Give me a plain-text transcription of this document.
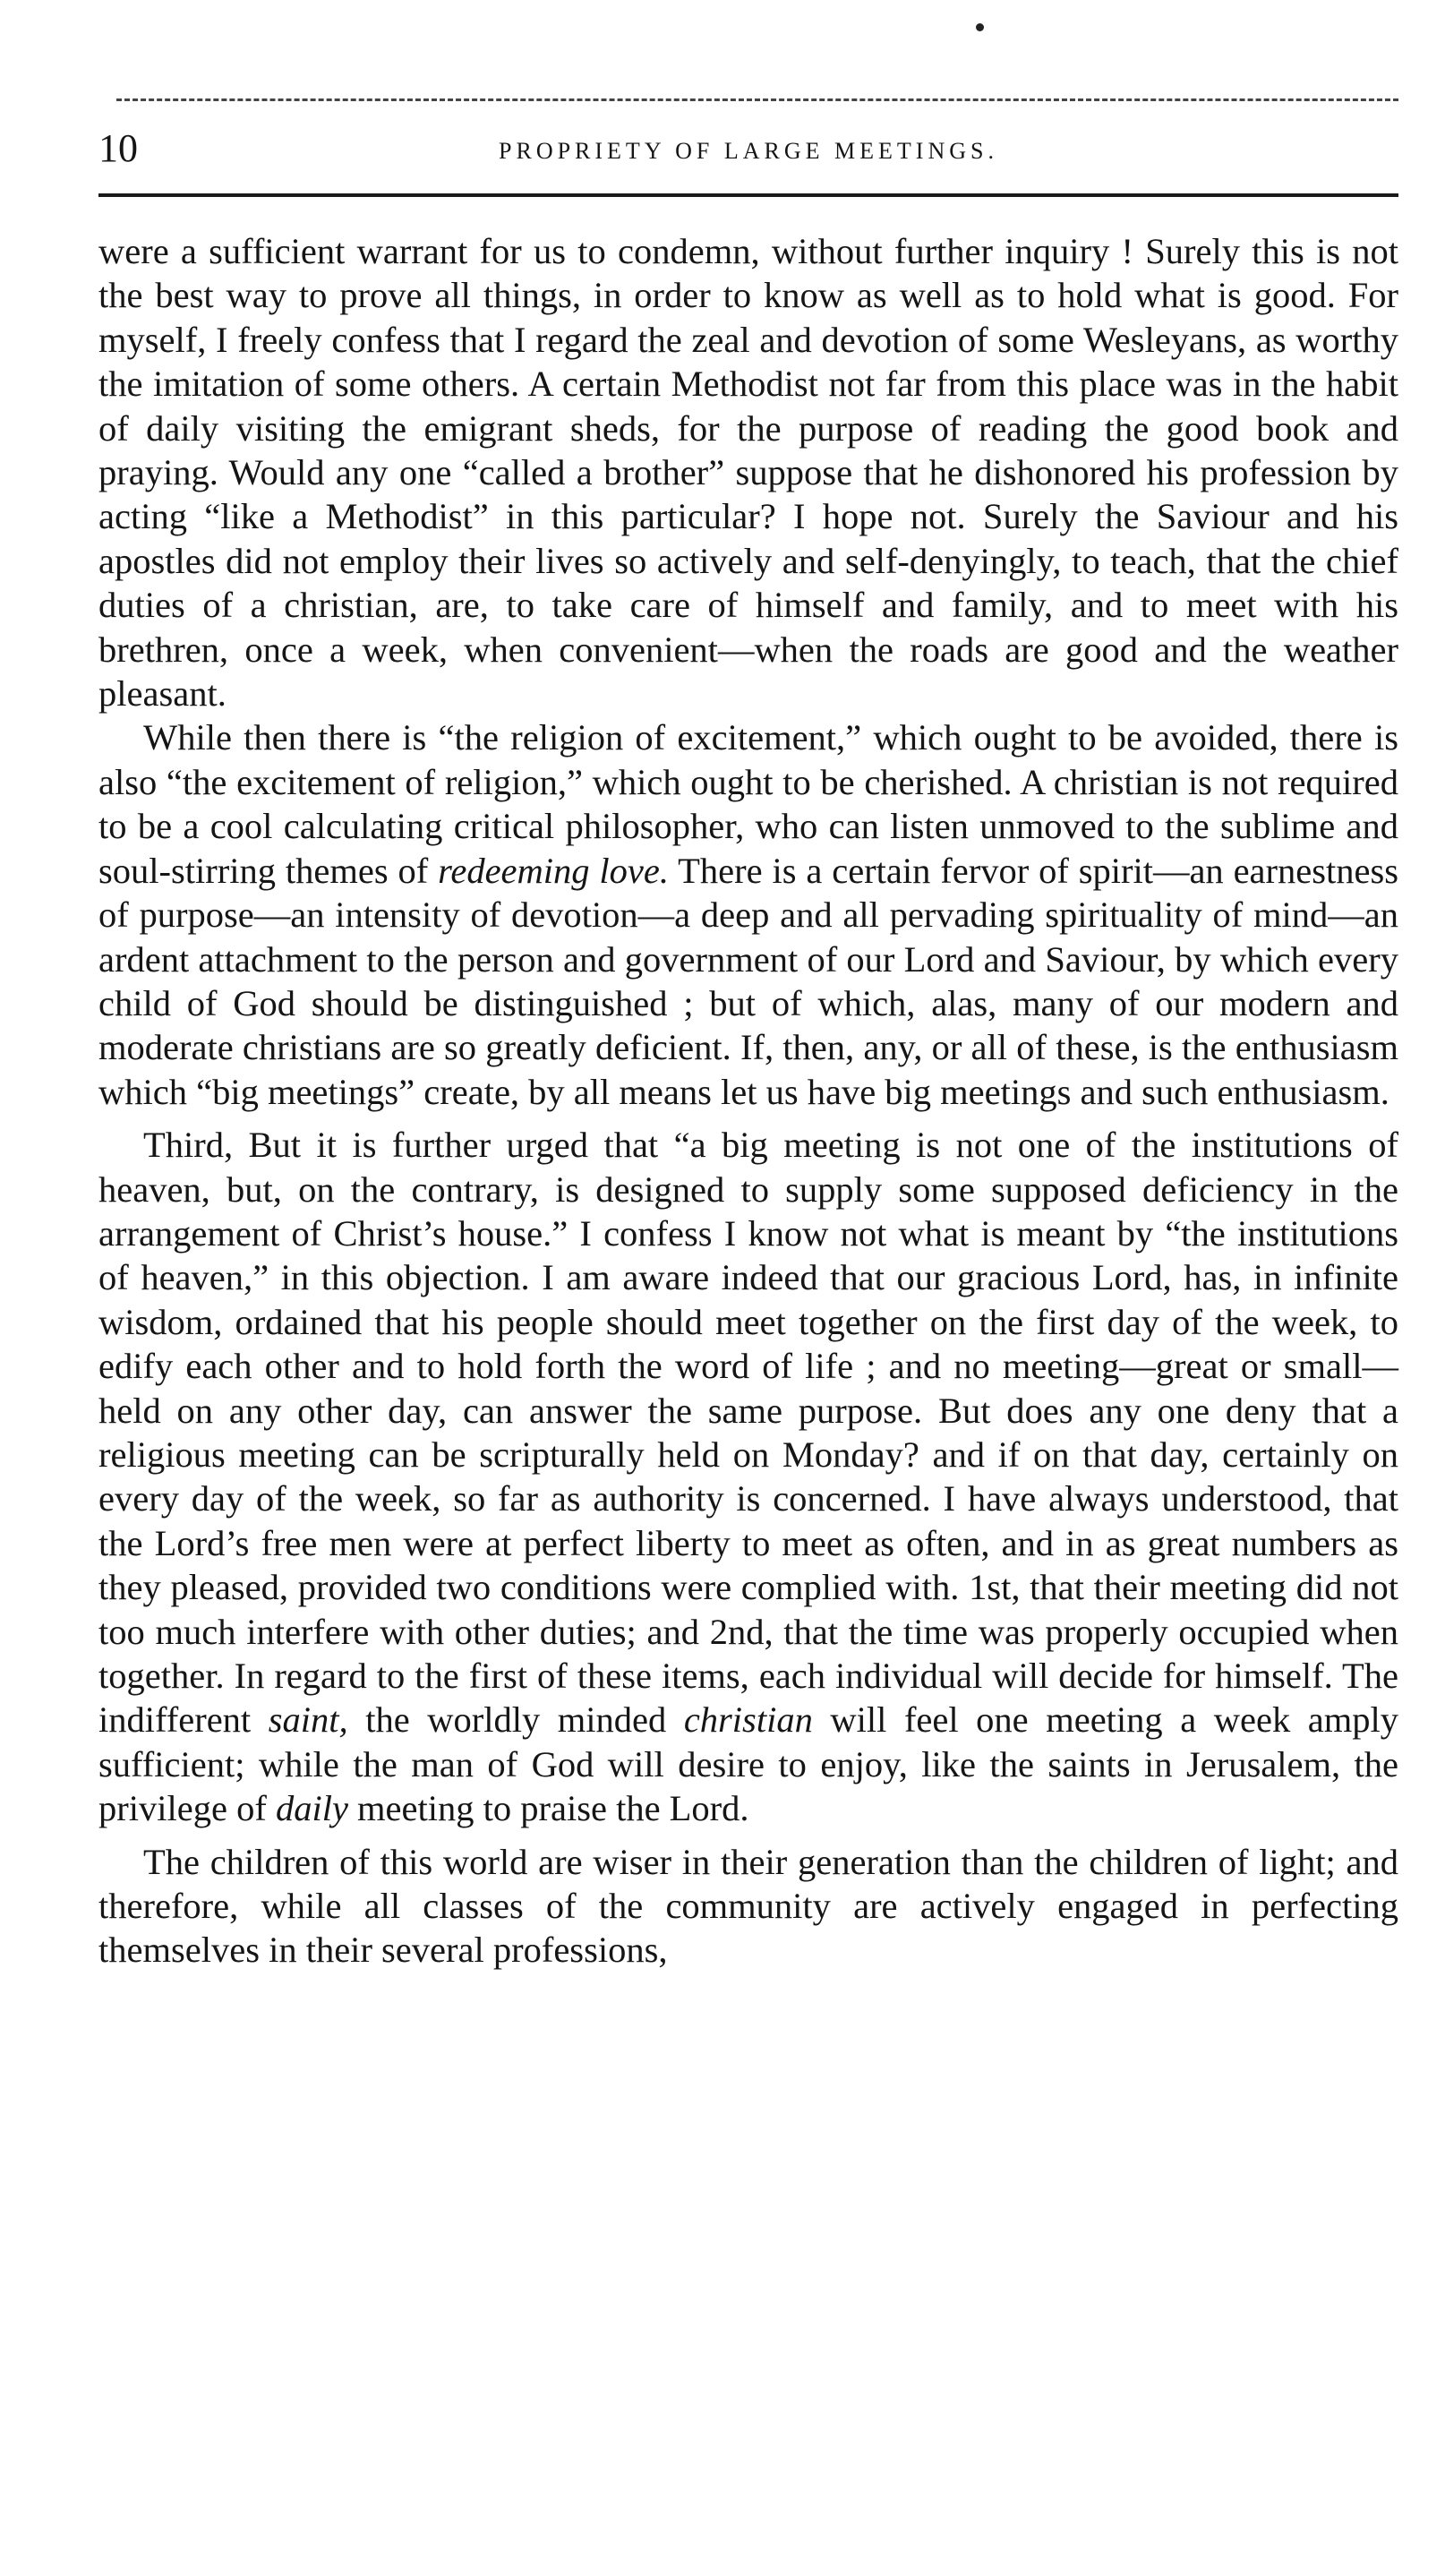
10	PROPRIETY OF LARGE MEETINGS.

were a sufficient warrant for us to condemn, without further inquiry ! Surely this is not the best way to prove all things, in order to know as well as to hold what is good. For myself, I freely confess that I regard the zeal and devotion of some Wesleyans, as worthy the imitation of some others. A certain Methodist not far from this place was in the habit of daily visiting the emigrant sheds, for the purpose of reading the good book and praying. Would any one “called a brother” suppose that he dishonored his profession by acting “like a Methodist” in this particular? I hope not. Surely the Saviour and his apostles did not employ their lives so actively and self-denyingly, to teach, that the chief duties of a christian, are, to take care of himself and family, and to meet with his brethren, once a week, when convenient—when the roads are good and the weather pleasant.

While then there is “the religion of excitement,” which ought to be avoided, there is also “the excitement of religion,” which ought to be cherished. A christian is not required to be a cool calculating critical philosopher, who can listen unmoved to the sublime and soul-stirring themes of redeeming love. There is a certain fervor of spirit—an earnestness of purpose—an intensity of devotion—a deep and all pervading spirituality of mind—an ardent attachment to the person and government of our Lord and Saviour, by which every child of God should be distinguished ; but of which, alas, many of our modern and moderate christians are so greatly deficient. If, then, any, or all of these, is the enthusiasm which “big meetings” create, by all means let us have big meetings and such enthusiasm.

Third, But it is further urged that “a big meeting is not one of the institutions of heaven, but, on the contrary, is designed to supply some supposed deficiency in the arrangement of Christ’s house.” I confess I know not what is meant by “the institutions of heaven,” in this objection. I am aware indeed that our gracious Lord, has, in infinite wisdom, ordained that his people should meet together on the first day of the week, to edify each other and to hold forth the word of life ; and no meeting—great or small—held on any other day, can answer the same purpose. But does any one deny that a religious meeting can be scripturally held on Monday? and if on that day, certainly on every day of the week, so far as authority is concerned. I have always understood, that the Lord’s free men were at perfect liberty to meet as often, and in as great numbers as they pleased, provided two conditions were complied with. 1st, that their meeting did not too much interfere with other duties; and 2nd, that the time was properly occupied when together. In regard to the first of these items, each individual will decide for himself. The indifferent saint, the worldly minded christian will feel one meeting a week amply sufficient; while the man of God will desire to enjoy, like the saints in Jerusalem, the privilege of daily meeting to praise the Lord.

The children of this world are wiser in their generation than the children of light; and therefore, while all classes of the community are actively engaged in perfecting themselves in their several professions,
